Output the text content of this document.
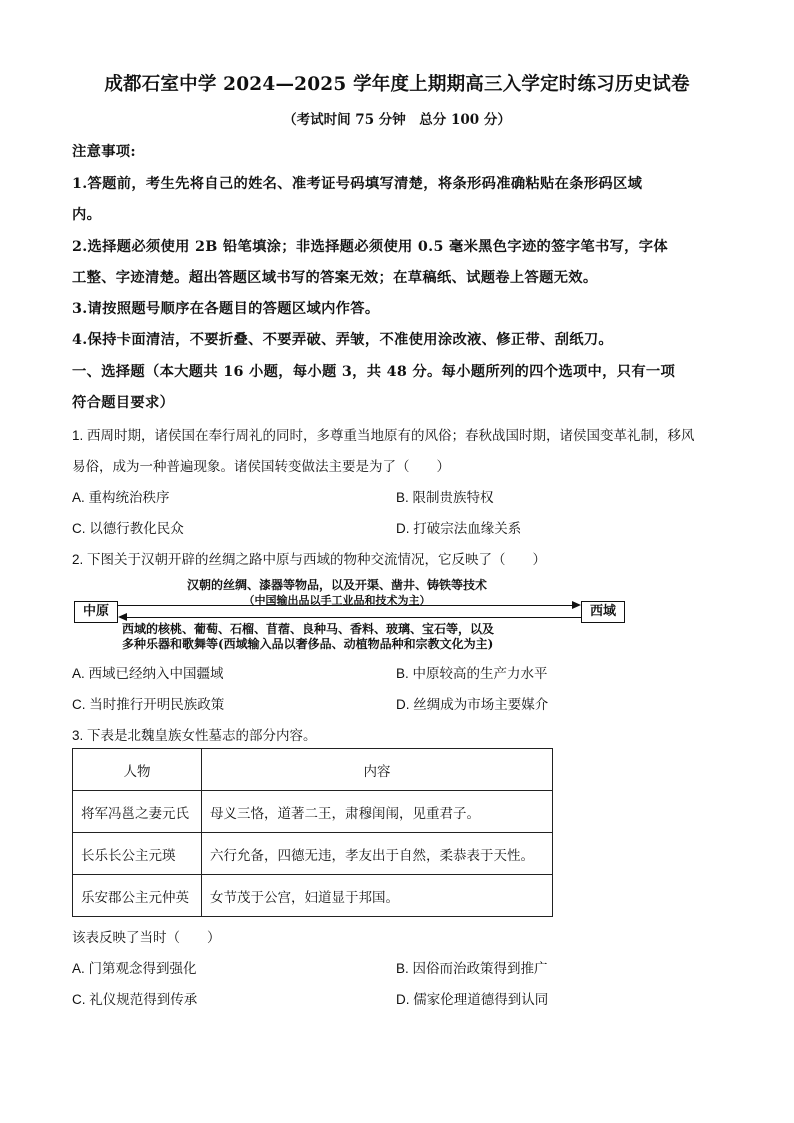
成都石室中学 2024—2025 学年度上期期高三入学定时练习历史试卷
（考试时间 75 分钟　总分 100 分）
注意事项:
1.答题前，考生先将自己的姓名、准考证号码填写清楚，将条形码准确粘贴在条形码区域
内。
2.选择题必须使用 2B 铅笔填涂；非选择题必须使用 0.5 毫米黑色字迹的签字笔书写，字体
工整、字迹清楚。超出答题区域书写的答案无效；在草稿纸、试题卷上答题无效。
3.请按照题号顺序在各题目的答题区域内作答。
4.保持卡面清洁，不要折叠、不要弄破、弄皱，不准使用涂改液、修正带、刮纸刀。
一、选择题（本大题共 16 小题，每小题 3，共 48 分。每小题所列的四个选项中，只有一项
符合题目要求）
1. 西周时期，诸侯国在奉行周礼的同时，多尊重当地原有的风俗；春秋战国时期，诸侯国变革礼制，移风
易俗，成为一种普遍现象。诸侯国转变做法主要是为了（　　）
A. 重构统治秩序	B. 限制贵族特权
C. 以德行教化民众	D. 打破宗法血缘关系
2. 下图关于汉朝开辟的丝绸之路中原与西域的物种交流情况，它反映了（　　）
汉朝的丝绸、漆器等物品，以及开渠、凿井、铸铁等技术
（中国输出品以手工业品和技术为主）
中原	西域
西域的核桃、葡萄、石榴、苜蓿、良种马、香料、玻璃、宝石等，以及
多种乐器和歌舞等(西域输入品以奢侈品、动植物品种和宗教文化为主)
A. 西域已经纳入中国疆域	B. 中原较高的生产力水平
C. 当时推行开明民族政策	D. 丝绸成为市场主要媒介
3. 下表是北魏皇族女性墓志的部分内容。
人物	内容
将军冯邕之妻元氏	母义三恪，道著二王，肃穆闺闱，见重君子。
长乐长公主元瑛	六行允备，四德无违，孝友出于自然，柔恭表于天性。
乐安郡公主元仲英	女节茂于公宫，妇道显于邦国。
该表反映了当时（　　）
A. 门第观念得到强化	B. 因俗而治政策得到推广
C. 礼仪规范得到传承	D. 儒家伦理道德得到认同
